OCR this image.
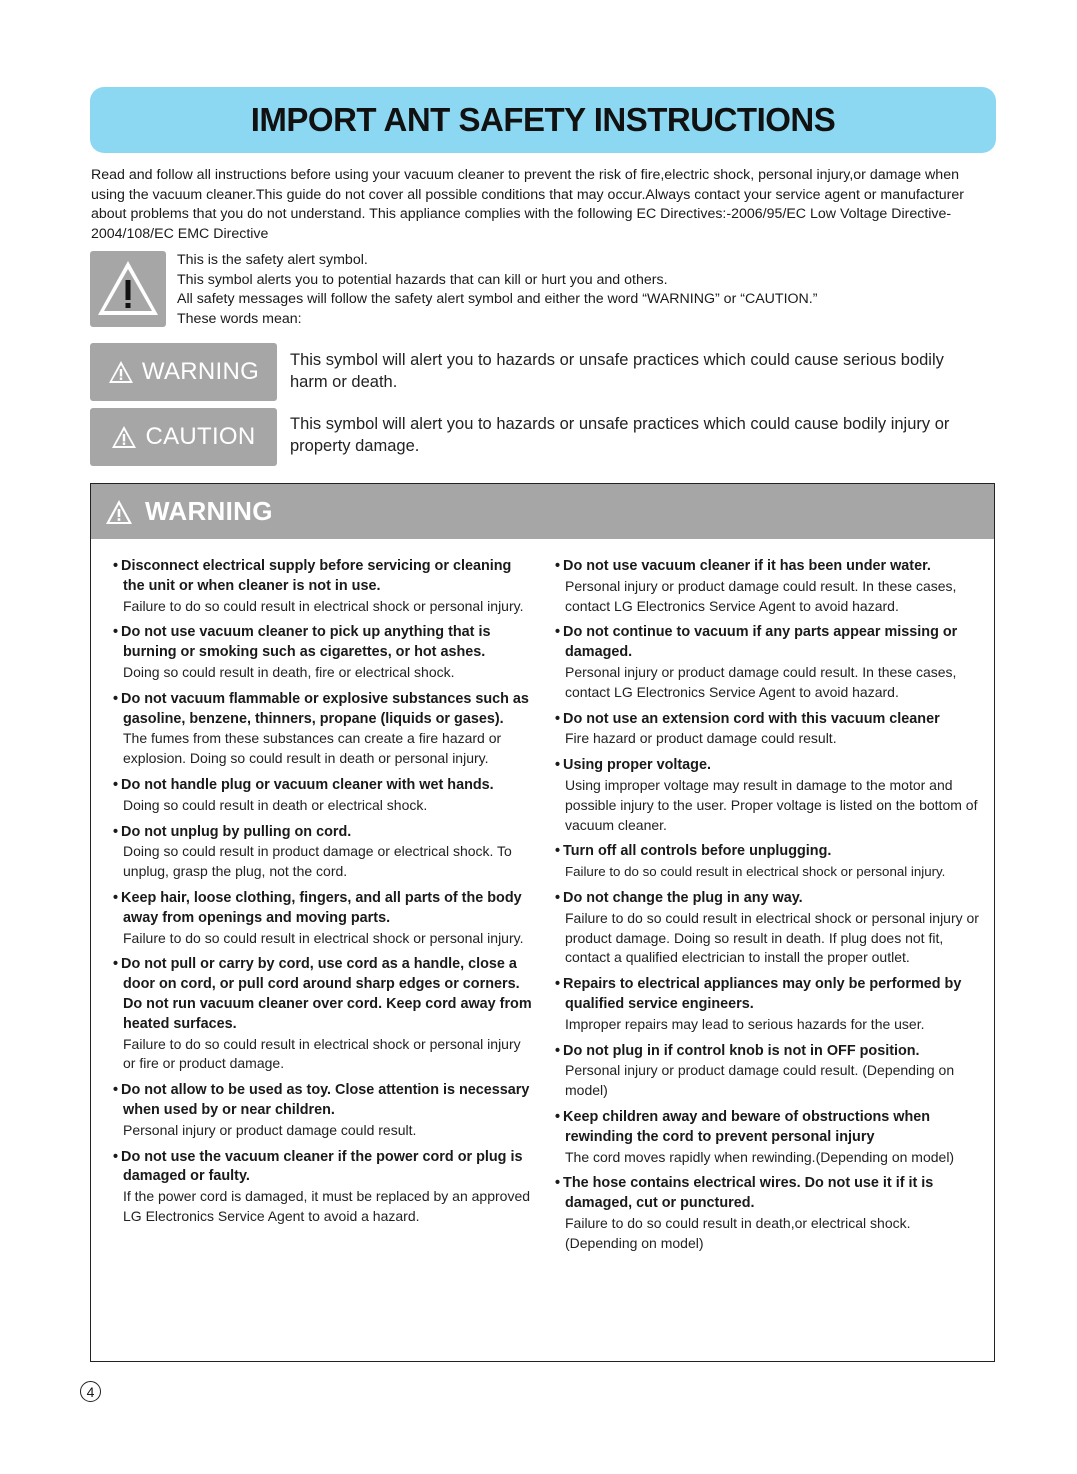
IMPORT ANT SAFETY INSTRUCTIONS

Read and follow all instructions before using your vacuum cleaner to prevent the risk of fire,electric shock, personal injury,or damage when using the vacuum cleaner.This guide do not cover all possible conditions that may occur.Always contact your service agent or manufacturer about problems that you do not understand. This appliance complies with the following EC Directives:-2006/95/EC Low Voltage Directive-2004/108/EC EMC Directive

This is the safety alert symbol.
This symbol alerts you to potential hazards that can kill or hurt you and others.
All safety messages will follow the safety alert symbol and either the word “WARNING” or “CAUTION.”
These words mean:
WARNING This symbol will alert you to hazards or unsafe practices which could cause serious bodily harm or death.
CAUTION This symbol will alert you to hazards or unsafe practices which could cause bodily injury or property damage.
WARNING

• Disconnect electrical supply before servicing or cleaning the unit or when cleaner is not in use.

Failure to do so could result in electrical shock or personal injury.

• Do not use vacuum cleaner to pick up anything that is burning or smoking such as cigarettes, or hot ashes.

Doing so could result in death, fire or electrical shock.

• Do not vacuum flammable or explosive substances such as gasoline, benzene, thinners, propane (liquids or gases).

The fumes from these substances can create a fire hazard or explosion. Doing so could result in death or personal injury.

• Do not handle plug or vacuum cleaner with wet hands.

Doing so could result in death or electrical shock.

• Do not unplug by pulling on cord.

Doing so could result in product damage or electrical shock. To unplug, grasp the plug, not the cord.

• Keep hair, loose clothing, fingers, and all parts of the body away from openings and moving parts.

Failure to do so could result in electrical shock or personal injury.

• Do not pull or carry by cord, use cord as a handle, close a door on cord, or pull cord around sharp edges or corners. Do not run vacuum cleaner over cord. Keep cord away from heated surfaces.

Failure to do so could result in electrical shock or personal injury or fire or product damage.

• Do not allow to be used as toy. Close attention is necessary when used by or near children.

Personal injury or product damage could result.

• Do not use the vacuum cleaner if the power cord or plug is damaged or faulty.

If the power cord is damaged, it must be replaced by an approved LG Electronics Service Agent to avoid a hazard.

• Do not use vacuum cleaner if it has been under water.

Personal injury or product damage could result. In these cases, contact LG Electronics Service Agent to avoid hazard.

• Do not continue to vacuum if any parts appear missing or damaged.

Personal injury or product damage could result. In these cases, contact LG Electronics Service Agent to avoid hazard.

• Do not use an extension cord with this vacuum cleaner

Fire hazard or product damage could result.

• Using proper voltage.

Using improper voltage may result in damage to the motor and possible injury to the user. Proper voltage is listed on the bottom of vacuum cleaner.

• Turn off all controls before unplugging.

Failure to do so could result in electrical shock or personal injury.

• Do not change the plug in any way.

Failure to do so could result in electrical shock or personal injury or product damage. Doing so result in death. If plug does not fit, contact a qualified electrician to install the proper outlet.

• Repairs to electrical appliances may only be performed by qualified service engineers.

Improper repairs may lead to serious hazards for the user.

• Do not plug in if control knob is not in OFF position.

Personal injury or product damage could result. (Depending on model)

• Keep children away and beware of obstructions when rewinding the cord to prevent personal injury

The cord moves rapidly when rewinding.(Depending on model)

• The hose contains electrical wires. Do not use it if it is damaged, cut or punctured.

Failure to do so could result in death,or electrical shock. (Depending on model)

4
